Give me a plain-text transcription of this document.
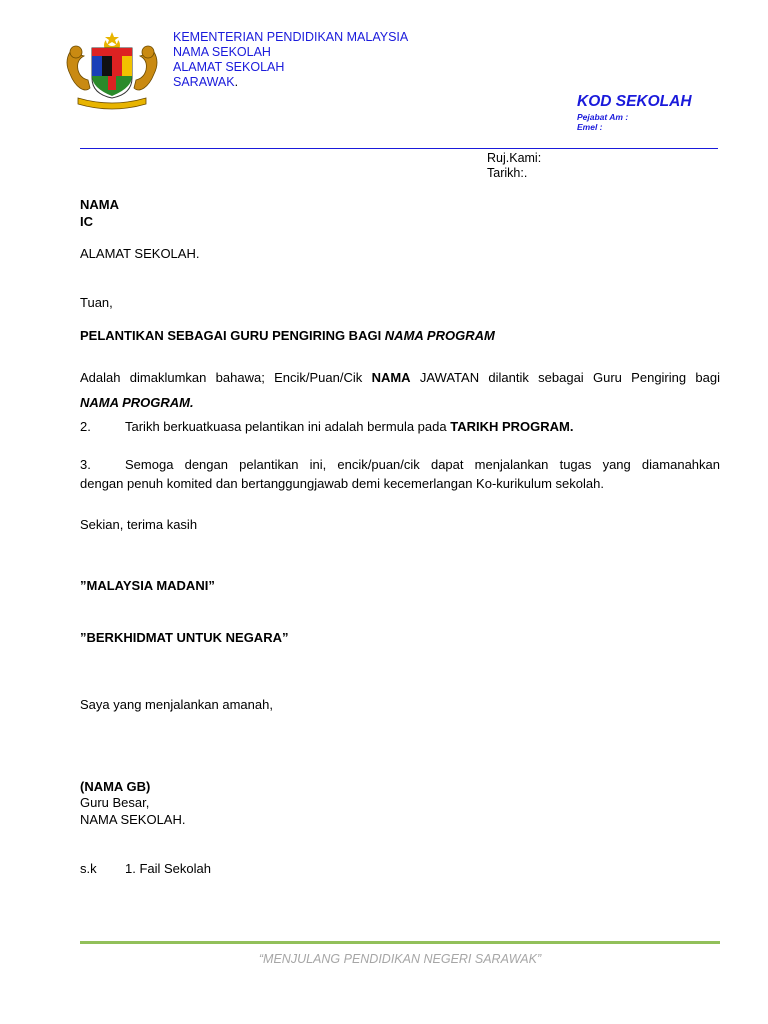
KEMENTERIAN PENDIDIKAN MALAYSIA
NAMA SEKOLAH
ALAMAT SEKOLAH
SARAWAK.
KOD SEKOLAH
Pejabat Am :
Emel :
Ruj.Kami:
Tarikh:.
NAMA
IC
ALAMAT SEKOLAH.
Tuan,
PELANTIKAN SEBAGAI GURU PENGIRING BAGI NAMA PROGRAM
Adalah dimaklumkan bahawa; Encik/Puan/Cik NAMA JAWATAN dilantik sebagai Guru Pengiring bagi
NAMA PROGRAM.
2.	Tarikh berkuatkuasa pelantikan ini adalah bermula pada TARIKH PROGRAM.
3.	Semoga dengan pelantikan ini, encik/puan/cik dapat menjalankan tugas yang diamanahkan
dengan penuh komited dan bertanggungjawab demi kecemerlangan Ko-kurikulum sekolah.
Sekian, terima kasih
”MALAYSIA MADANI”
”BERKHIDMAT UNTUK NEGARA”
Saya yang menjalankan amanah,
(NAMA GB)
Guru Besar,
NAMA SEKOLAH.
s.k 1. Fail Sekolah
“MENJULANG PENDIDIKAN NEGERI SARAWAK”
